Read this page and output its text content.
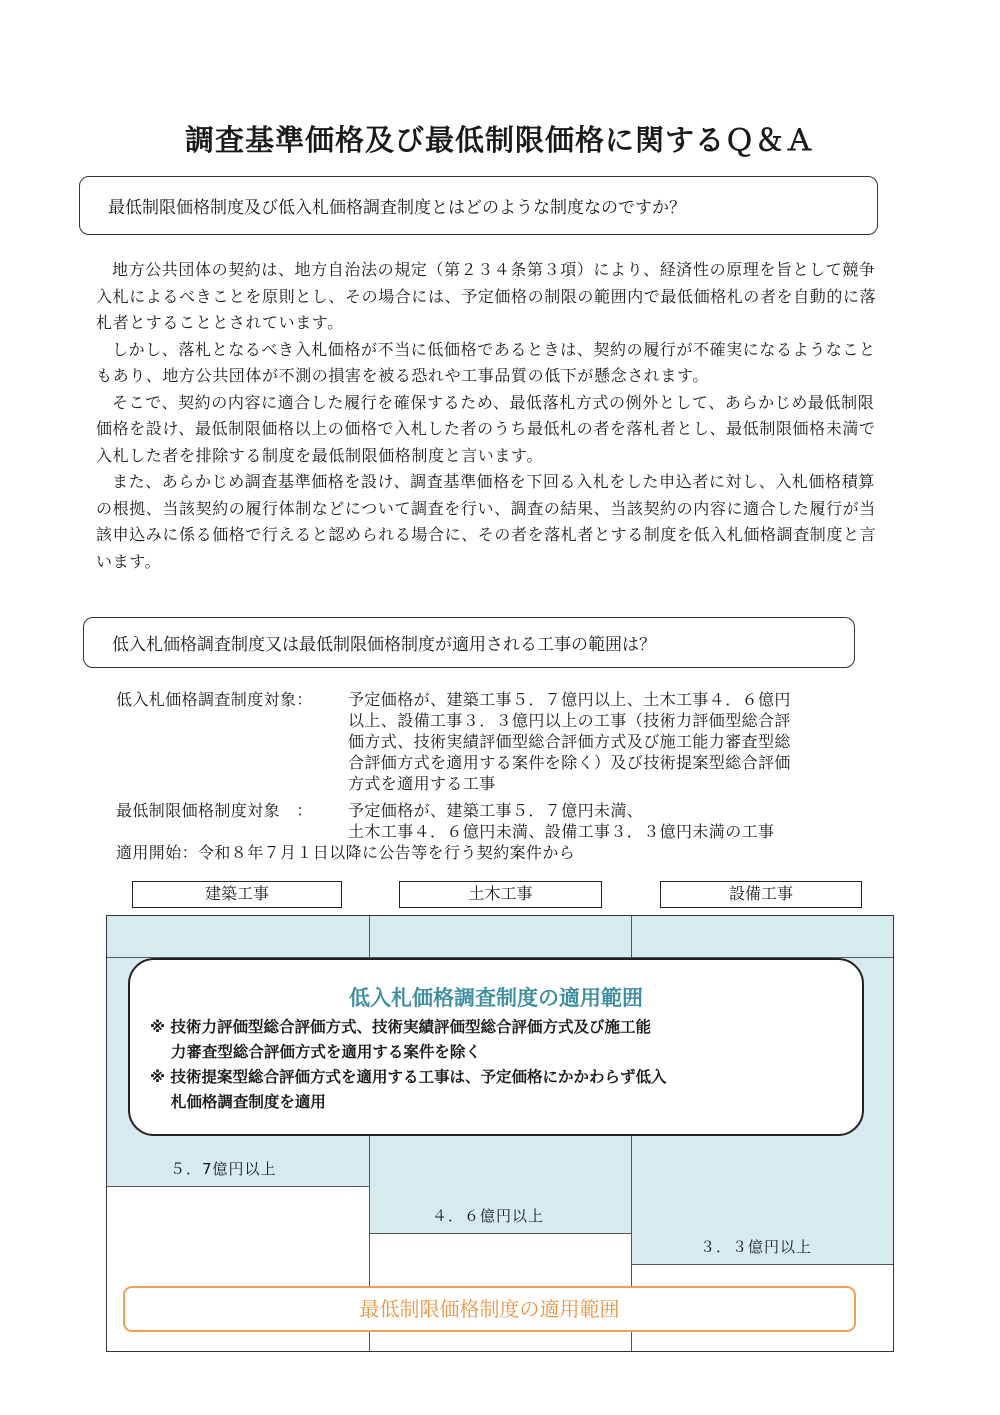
調査基準価格及び最低制限価格に関するＱ＆Ａ
最低制限価格制度及び低入札価格調査制度とはどのような制度なのですか？

地方公共団体の契約は、地方自治法の規定（第２３４条第３項）により、経済性の原理を旨として競争入札によるべきことを原則とし、その場合には、予定価格の制限の範囲内で最低価格札の者を自動的に落札者とすることとされています。

しかし、落札となるべき入札価格が不当に低価格であるときは、契約の履行が不確実になるようなこともあり、地方公共団体が不測の損害を被る恐れや工事品質の低下が懸念されます。

そこで、契約の内容に適合した履行を確保するため、最低落札方式の例外として、あらかじめ最低制限価格を設け、最低制限価格以上の価格で入札した者のうち最低札の者を落札者とし、最低制限価格未満で入札した者を排除する制度を最低制限価格制度と言います。

また、あらかじめ調査基準価格を設け、調査基準価格を下回る入札をした申込者に対し、入札価格積算の根拠、当該契約の履行体制などについて調査を行い、調査の結果、当該契約の内容に適合した履行が当該申込みに係る価格で行えると認められる場合に、その者を落札者とする制度を低入札価格調査制度と言います。

低入札価格調査制度又は最低制限価格制度が適用される工事の範囲は？
低入札価格調査制度対象：	予定価格が、建築工事５．７億円以上、土木工事４．６億円
以上、設備工事３．３億円以上の工事（技術力評価型総合評
価方式、技術実績評価型総合評価方式及び施工能力審査型総
合評価方式を適用する案件を除く）及び技術提案型総合評価
方式を適用する工事
最低制限価格制度対象　：	予定価格が、建築工事５．７億円未満、
土木工事４．６億円未満、設備工事３．３億円未満の工事
適用開始：令和８年７月１日以降に公告等を行う契約案件から
建築工事	土木工事	設備工事
５．7億円以上
４．６億円以上
３．３億円以上
低入札価格調査制度の適用範囲
※ 技術力評価型総合評価方式、技術実績評価型総合評価方式及び施工能
　 力審査型総合評価方式を適用する案件を除く
※ 技術提案型総合評価方式を適用する工事は、予定価格にかかわらず低入
　 札価格調査制度を適用
最低制限価格制度の適用範囲
